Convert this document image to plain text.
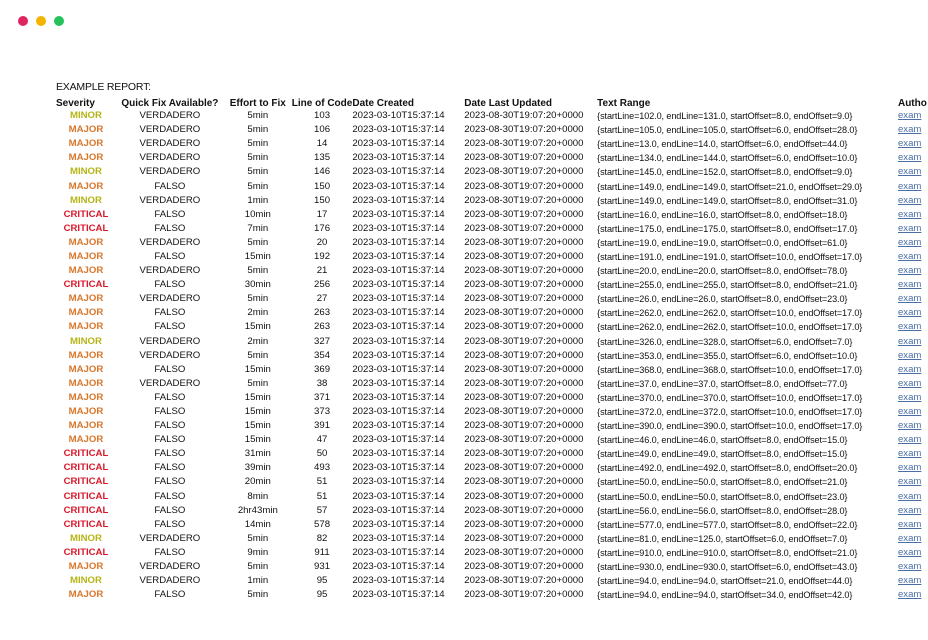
EXAMPLE REPORT:
Severity	Quick Fix Available?	Effort to Fix	Line of Code	Date Created	Date Last Updated	Text Range	Autho
MINOR	VERDADERO	5min	103	2023-03-10T15:37:14	2023-08-30T19:07:20+0000	{startLine=102.0, endLine=131.0, startOffset=8.0, endOffset=9.0}	exam
MAJOR	VERDADERO	5min	106	2023-03-10T15:37:14	2023-08-30T19:07:20+0000	{startLine=105.0, endLine=105.0, startOffset=6.0, endOffset=28.0}	exam
MAJOR	VERDADERO	5min	14	2023-03-10T15:37:14	2023-08-30T19:07:20+0000	{startLine=13.0, endLine=14.0, startOffset=6.0, endOffset=44.0}	exam
MAJOR	VERDADERO	5min	135	2023-03-10T15:37:14	2023-08-30T19:07:20+0000	{startLine=134.0, endLine=144.0, startOffset=6.0, endOffset=10.0}	exam
MINOR	VERDADERO	5min	146	2023-03-10T15:37:14	2023-08-30T19:07:20+0000	{startLine=145.0, endLine=152.0, startOffset=8.0, endOffset=9.0}	exam
MAJOR	FALSO	5min	150	2023-03-10T15:37:14	2023-08-30T19:07:20+0000	{startLine=149.0, endLine=149.0, startOffset=21.0, endOffset=29.0}	exam
MINOR	VERDADERO	1min	150	2023-03-10T15:37:14	2023-08-30T19:07:20+0000	{startLine=149.0, endLine=149.0, startOffset=8.0, endOffset=31.0}	exam
CRITICAL	FALSO	10min	17	2023-03-10T15:37:14	2023-08-30T19:07:20+0000	{startLine=16.0, endLine=16.0, startOffset=8.0, endOffset=18.0}	exam
CRITICAL	FALSO	7min	176	2023-03-10T15:37:14	2023-08-30T19:07:20+0000	{startLine=175.0, endLine=175.0, startOffset=8.0, endOffset=17.0}	exam
MAJOR	VERDADERO	5min	20	2023-03-10T15:37:14	2023-08-30T19:07:20+0000	{startLine=19.0, endLine=19.0, startOffset=0.0, endOffset=61.0}	exam
MAJOR	FALSO	15min	192	2023-03-10T15:37:14	2023-08-30T19:07:20+0000	{startLine=191.0, endLine=191.0, startOffset=10.0, endOffset=17.0}	exam
MAJOR	VERDADERO	5min	21	2023-03-10T15:37:14	2023-08-30T19:07:20+0000	{startLine=20.0, endLine=20.0, startOffset=8.0, endOffset=78.0}	exam
CRITICAL	FALSO	30min	256	2023-03-10T15:37:14	2023-08-30T19:07:20+0000	{startLine=255.0, endLine=255.0, startOffset=8.0, endOffset=21.0}	exam
MAJOR	VERDADERO	5min	27	2023-03-10T15:37:14	2023-08-30T19:07:20+0000	{startLine=26.0, endLine=26.0, startOffset=8.0, endOffset=23.0}	exam
MAJOR	FALSO	2min	263	2023-03-10T15:37:14	2023-08-30T19:07:20+0000	{startLine=262.0, endLine=262.0, startOffset=10.0, endOffset=17.0}	exam
MAJOR	FALSO	15min	263	2023-03-10T15:37:14	2023-08-30T19:07:20+0000	{startLine=262.0, endLine=262.0, startOffset=10.0, endOffset=17.0}	exam
MINOR	VERDADERO	2min	327	2023-03-10T15:37:14	2023-08-30T19:07:20+0000	{startLine=326.0, endLine=328.0, startOffset=6.0, endOffset=7.0}	exam
MAJOR	VERDADERO	5min	354	2023-03-10T15:37:14	2023-08-30T19:07:20+0000	{startLine=353.0, endLine=355.0, startOffset=6.0, endOffset=10.0}	exam
MAJOR	FALSO	15min	369	2023-03-10T15:37:14	2023-08-30T19:07:20+0000	{startLine=368.0, endLine=368.0, startOffset=10.0, endOffset=17.0}	exam
MAJOR	VERDADERO	5min	38	2023-03-10T15:37:14	2023-08-30T19:07:20+0000	{startLine=37.0, endLine=37.0, startOffset=8.0, endOffset=77.0}	exam
MAJOR	FALSO	15min	371	2023-03-10T15:37:14	2023-08-30T19:07:20+0000	{startLine=370.0, endLine=370.0, startOffset=10.0, endOffset=17.0}	exam
MAJOR	FALSO	15min	373	2023-03-10T15:37:14	2023-08-30T19:07:20+0000	{startLine=372.0, endLine=372.0, startOffset=10.0, endOffset=17.0}	exam
MAJOR	FALSO	15min	391	2023-03-10T15:37:14	2023-08-30T19:07:20+0000	{startLine=390.0, endLine=390.0, startOffset=10.0, endOffset=17.0}	exam
MAJOR	FALSO	15min	47	2023-03-10T15:37:14	2023-08-30T19:07:20+0000	{startLine=46.0, endLine=46.0, startOffset=8.0, endOffset=15.0}	exam
CRITICAL	FALSO	31min	50	2023-03-10T15:37:14	2023-08-30T19:07:20+0000	{startLine=49.0, endLine=49.0, startOffset=8.0, endOffset=15.0}	exam
CRITICAL	FALSO	39min	493	2023-03-10T15:37:14	2023-08-30T19:07:20+0000	{startLine=492.0, endLine=492.0, startOffset=8.0, endOffset=20.0}	exam
CRITICAL	FALSO	20min	51	2023-03-10T15:37:14	2023-08-30T19:07:20+0000	{startLine=50.0, endLine=50.0, startOffset=8.0, endOffset=21.0}	exam
CRITICAL	FALSO	8min	51	2023-03-10T15:37:14	2023-08-30T19:07:20+0000	{startLine=50.0, endLine=50.0, startOffset=8.0, endOffset=23.0}	exam
CRITICAL	FALSO	2hr43min	57	2023-03-10T15:37:14	2023-08-30T19:07:20+0000	{startLine=56.0, endLine=56.0, startOffset=8.0, endOffset=28.0}	exam
CRITICAL	FALSO	14min	578	2023-03-10T15:37:14	2023-08-30T19:07:20+0000	{startLine=577.0, endLine=577.0, startOffset=8.0, endOffset=22.0}	exam
MINOR	VERDADERO	5min	82	2023-03-10T15:37:14	2023-08-30T19:07:20+0000	{startLine=81.0, endLine=125.0, startOffset=6.0, endOffset=7.0}	exam
CRITICAL	FALSO	9min	911	2023-03-10T15:37:14	2023-08-30T19:07:20+0000	{startLine=910.0, endLine=910.0, startOffset=8.0, endOffset=21.0}	exam
MAJOR	VERDADERO	5min	931	2023-03-10T15:37:14	2023-08-30T19:07:20+0000	{startLine=930.0, endLine=930.0, startOffset=6.0, endOffset=43.0}	exam
MINOR	VERDADERO	1min	95	2023-03-10T15:37:14	2023-08-30T19:07:20+0000	{startLine=94.0, endLine=94.0, startOffset=21.0, endOffset=44.0}	exam
MAJOR	FALSO	5min	95	2023-03-10T15:37:14	2023-08-30T19:07:20+0000	{startLine=94.0, endLine=94.0, startOffset=34.0, endOffset=42.0}	exam
